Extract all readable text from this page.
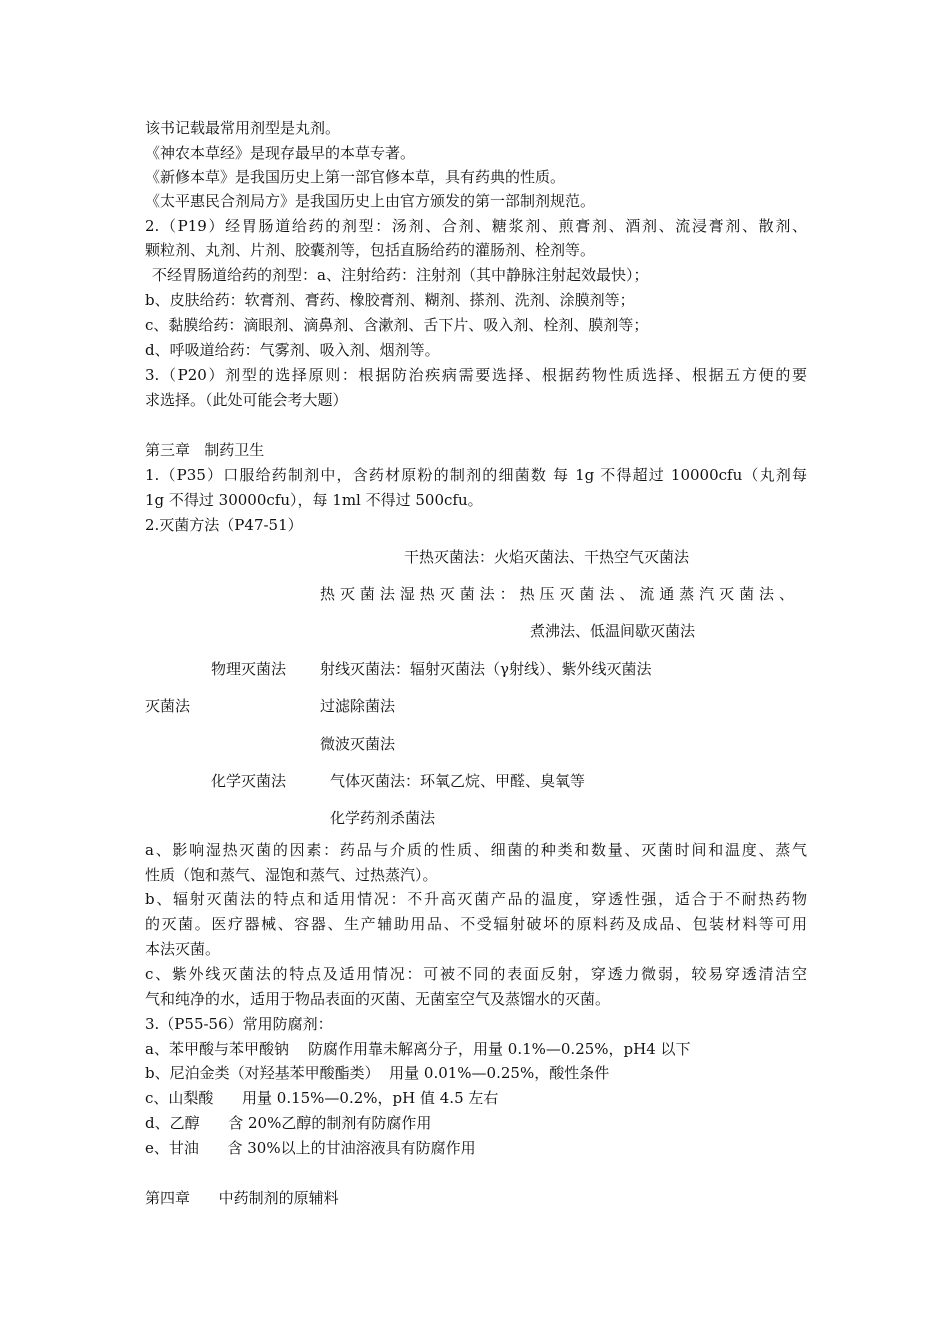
该书记载最常用剂型是丸剂。
《神农本草经》是现存最早的本草专著。
《新修本草》是我国历史上第一部官修本草，具有药典的性质。
《太平惠民合剂局方》是我国历史上由官方颁发的第一部制剂规范。
2.（P19）经胃肠道给药的剂型：汤剂、合剂、糖浆剂、煎膏剂、酒剂、流浸膏剂、散剂、
颗粒剂、丸剂、片剂、胶囊剂等，包括直肠给药的灌肠剂、栓剂等。
不经胃肠道给药的剂型：a、注射给药：注射剂（其中静脉注射起效最快）；
b、皮肤给药：软膏剂、膏药、橡胶膏剂、糊剂、搽剂、洗剂、涂膜剂等；
c、黏膜给药：滴眼剂、滴鼻剂、含漱剂、舌下片、吸入剂、栓剂、膜剂等；
d、呼吸道给药：气雾剂、吸入剂、烟剂等。
3.（P20）剂型的选择原则：根据防治疾病需要选择、根据药物性质选择、根据五方便的要
求选择。（此处可能会考大题）
第三章   制药卫生
1.（P35）口服给药制剂中，含药材原粉的制剂的细菌数 每 1g 不得超过 10000cfu（丸剂每
1g 不得过 30000cfu），每 1ml 不得过 500cfu。
2.灭菌方法（P47-51）
干热灭菌法：火焰灭菌法、干热空气灭菌法
热 灭 菌 法 湿 热 灭 菌 法 ： 热 压 灭 菌 法 、 流 通 蒸 汽 灭 菌 法 、
煮沸法、低温间歇灭菌法
物理灭菌法 射线灭菌法：辐射灭菌法（γ射线）、紫外线灭菌法
灭菌法	过滤除菌法
微波灭菌法
化学灭菌法	气体灭菌法：环氧乙烷、甲醛、臭氧等
化学药剂杀菌法
a、影响湿热灭菌的因素：药品与介质的性质、细菌的种类和数量、灭菌时间和温度、蒸气
性质（饱和蒸气、湿饱和蒸气、过热蒸汽）。
b、辐射灭菌法的特点和适用情况：不升高灭菌产品的温度，穿透性强，适合于不耐热药物
的灭菌。医疗器械、容器、生产辅助用品、不受辐射破坏的原料药及成品、包装材料等可用
本法灭菌。
c、紫外线灭菌法的特点及适用情况：可被不同的表面反射，穿透力微弱，较易穿透清洁空
气和纯净的水，适用于物品表面的灭菌、无菌室空气及蒸馏水的灭菌。
3.（P55-56）常用防腐剂：
a、苯甲酸与苯甲酸钠    防腐作用靠未解离分子，用量 0.1%—0.25%，pH4 以下
b、尼泊金类（对羟基苯甲酸酯类）  用量 0.01%—0.25%，酸性条件
c、山梨酸      用量 0.15%—0.2%，pH 值 4.5 左右
d、乙醇      含 20%乙醇的制剂有防腐作用
e、甘油      含 30%以上的甘油溶液具有防腐作用
第四章      中药制剂的原辅料
